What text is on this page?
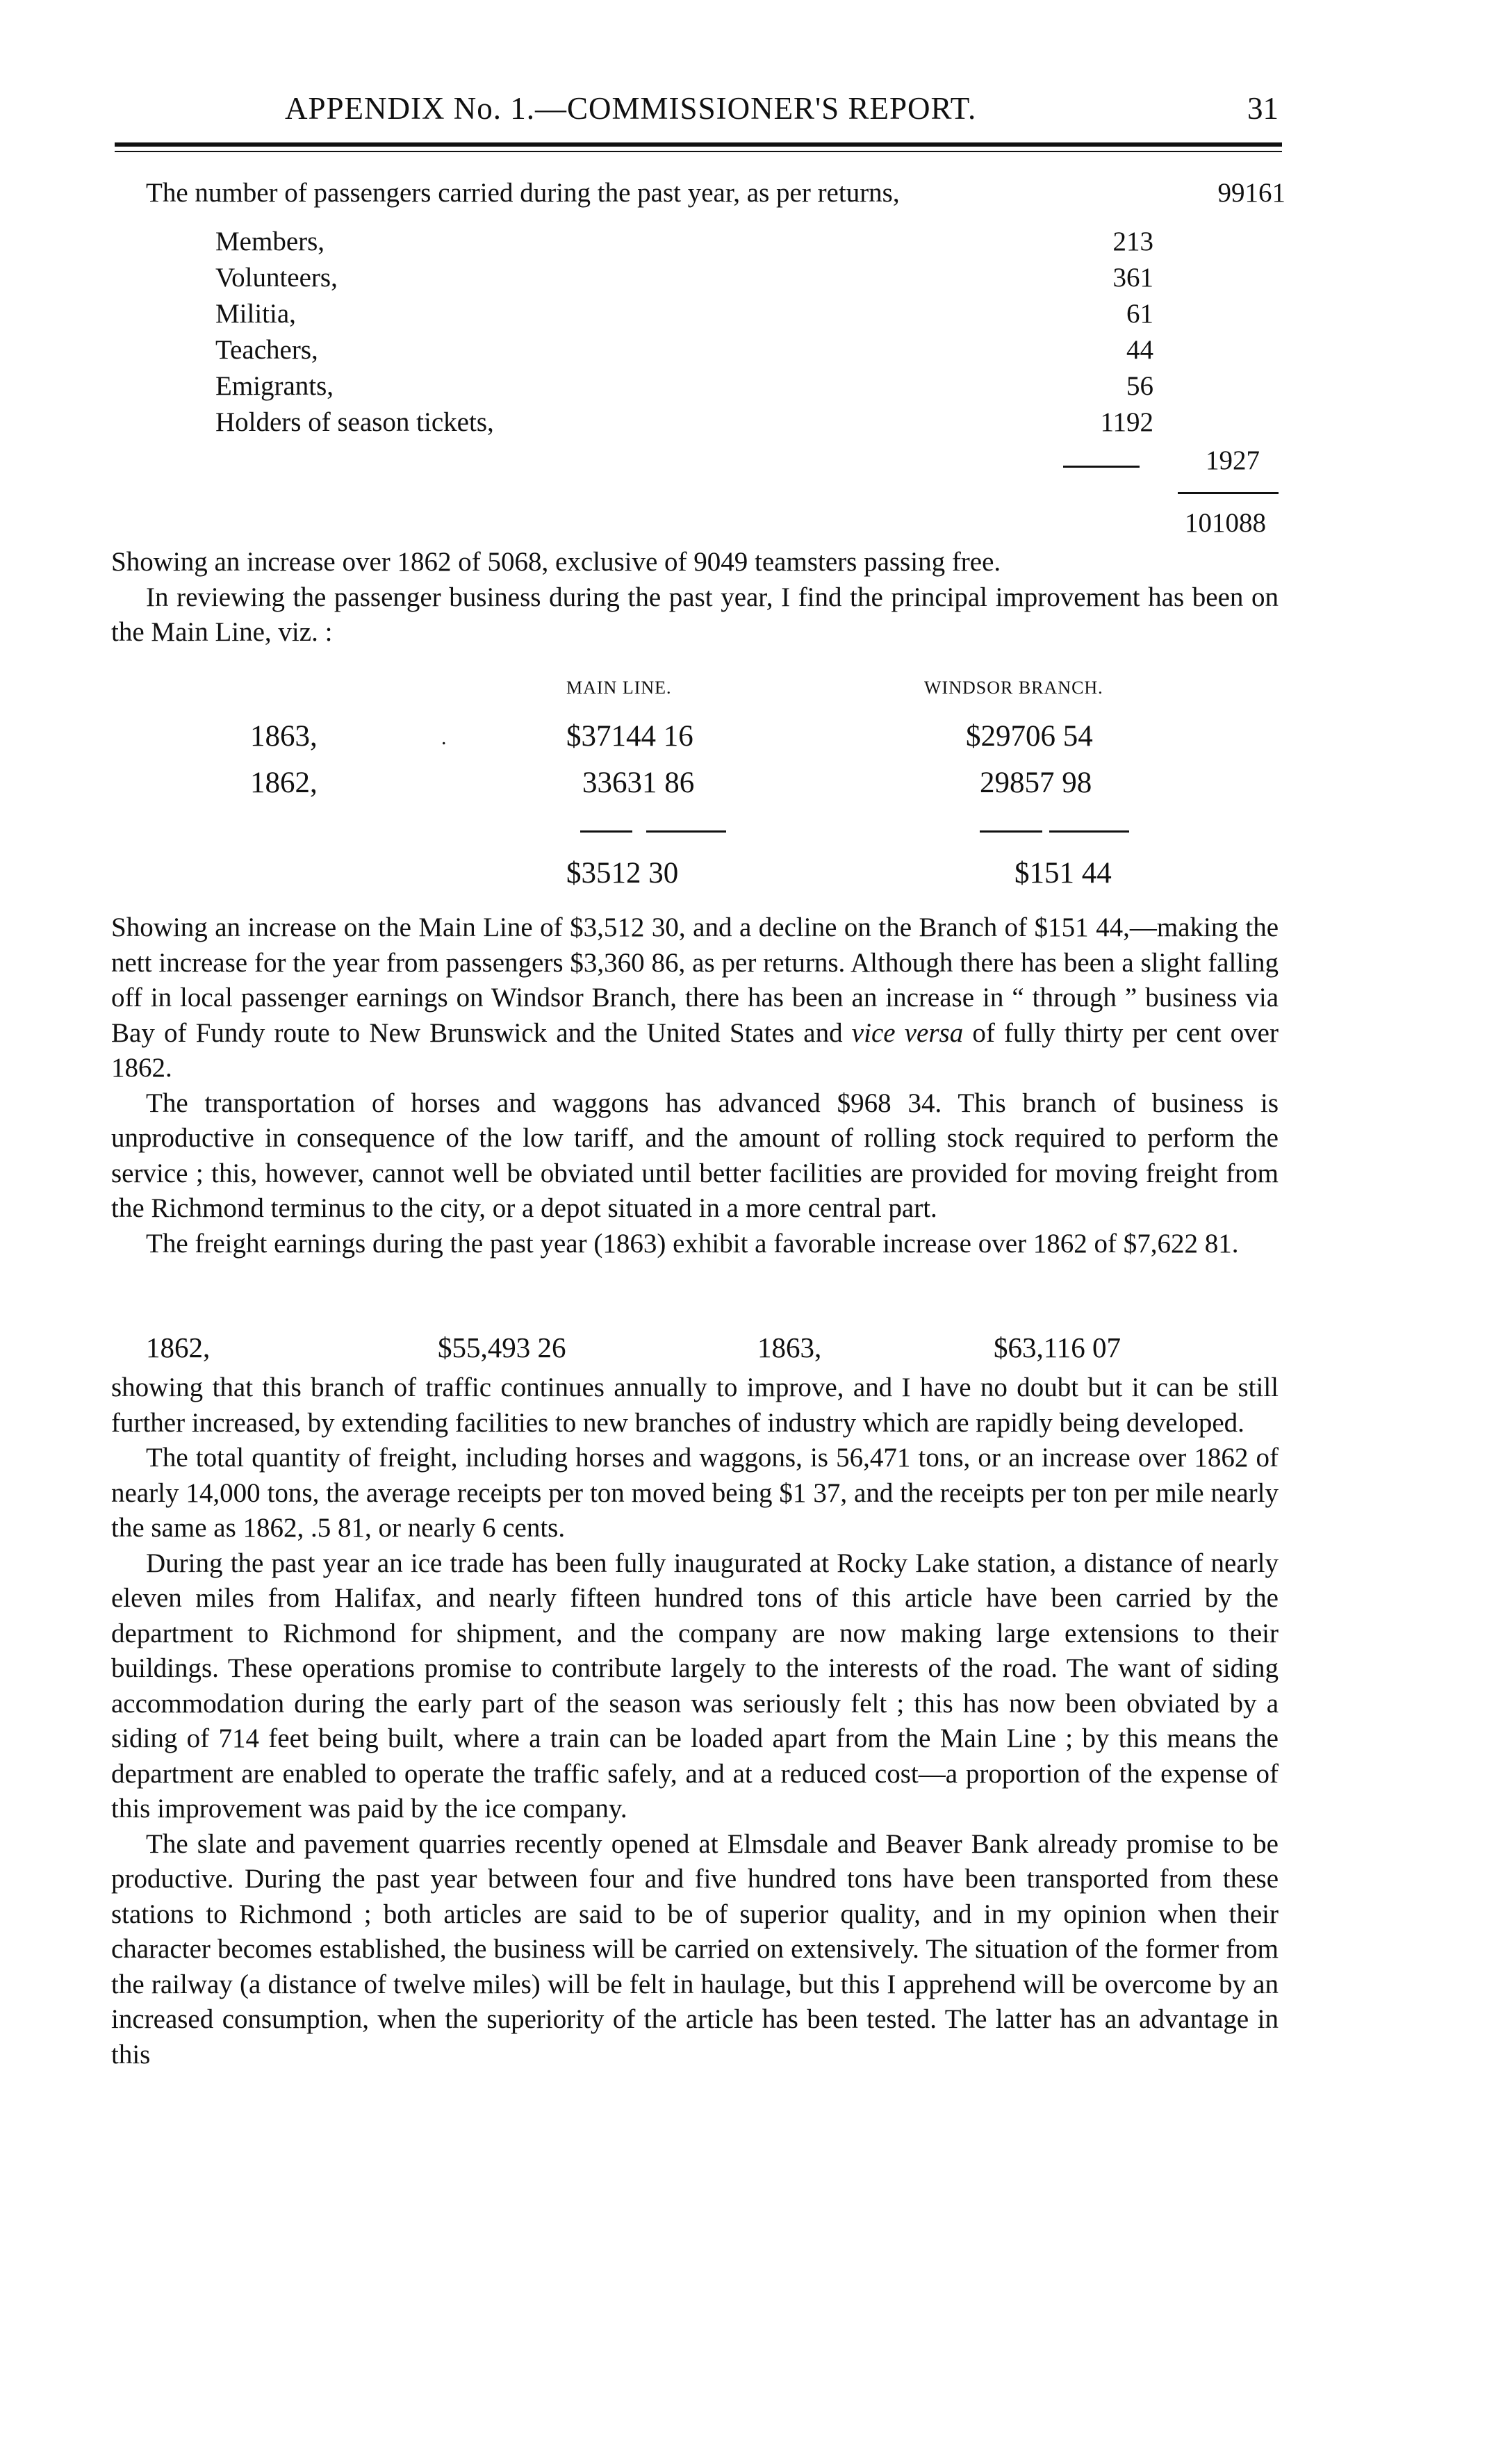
APPENDIX No. 1.—COMMISSIONER'S REPORT.	31
The number of passengers carried during the past year, as per returns,	99161
Members,	213
Volunteers,	361
Militia,	61
Teachers,	44
Emigrants,	56
Holders of season tickets,	1192
1927
101088

Showing an increase over 1862 of 5068, exclusive of 9049 teamsters passing free.

In reviewing the passenger business during the past year, I find the principal improvement has been on the Main Line, viz. :

MAIN LINE.	WINDSOR BRANCH.
1863,	.	$37144 16	$29706 54
1862,	33631 86	29857 98
$3512 30	$151 44

Showing an increase on the Main Line of $3,512 30, and a decline on the Branch of $151 44,—making the nett increase for the year from passengers $3,360 86, as per returns. Although there has been a slight falling off in local passenger earnings on Windsor Branch, there has been an increase in “ through ” business via Bay of Fundy route to New Brunswick and the United States and vice versa of fully thirty per cent over 1862.

The transportation of horses and waggons has advanced $968 34. This branch of business is unproductive in consequence of the low tariff, and the amount of rolling stock required to perform the service ; this, however, cannot well be obviated until better facilities are provided for moving freight from the Richmond terminus to the city, or a depot situated in a more central part.

The freight earnings during the past year (1863) exhibit a favorable increase over 1862 of $7,622 81.

1862,	$55,493 26	1863,	$63,116 07

showing that this branch of traffic continues annually to improve, and I have no doubt but it can be still further increased, by extending facilities to new branches of industry which are rapidly being developed.

The total quantity of freight, including horses and waggons, is 56,471 tons, or an increase over 1862 of nearly 14,000 tons, the average receipts per ton moved being $1 37, and the receipts per ton per mile nearly the same as 1862, .5 81, or nearly 6 cents.

During the past year an ice trade has been fully inaugurated at Rocky Lake station, a distance of nearly eleven miles from Halifax, and nearly fifteen hundred tons of this article have been carried by the department to Richmond for shipment, and the company are now making large extensions to their buildings. These operations promise to contribute largely to the interests of the road. The want of siding accommodation during the early part of the season was seriously felt ; this has now been obviated by a siding of 714 feet being built, where a train can be loaded apart from the Main Line ; by this means the department are enabled to operate the traffic safely, and at a reduced cost—a proportion of the expense of this improvement was paid by the ice company.

The slate and pavement quarries recently opened at Elmsdale and Beaver Bank already promise to be productive. During the past year between four and five hundred tons have been transported from these stations to Richmond ; both articles are said to be of superior quality, and in my opinion when their character becomes established, the business will be carried on extensively. The situation of the former from the railway (a distance of twelve miles) will be felt in haulage, but this I apprehend will be overcome by an increased consumption, when the superiority of the article has been tested. The latter has an advantage in this
